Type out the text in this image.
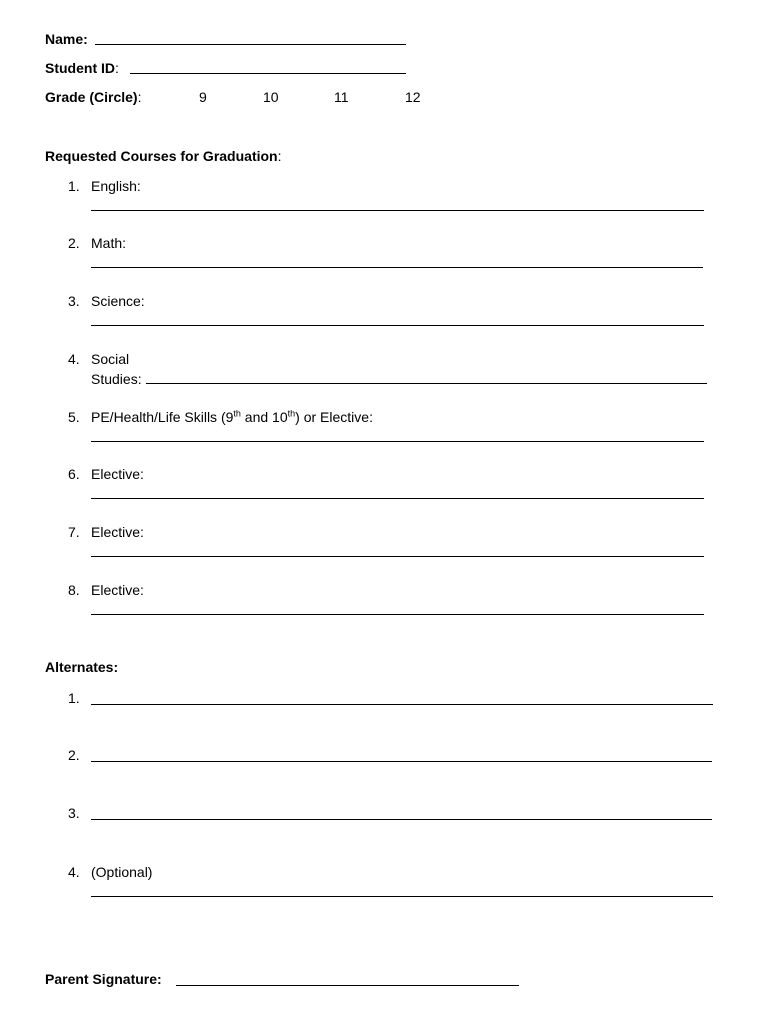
Name:
Student ID:
Grade (Circle):	9	10	11	12
Requested Courses for Graduation:
1. English:
2. Math:
3. Science:
4. Social
Studies:
5. PE/Health/Life Skills (9th and 10th) or Elective:
6. Elective:
7. Elective:
8. Elective:
Alternates:
1.
2.
3.
4. (Optional)
Parent Signature:
